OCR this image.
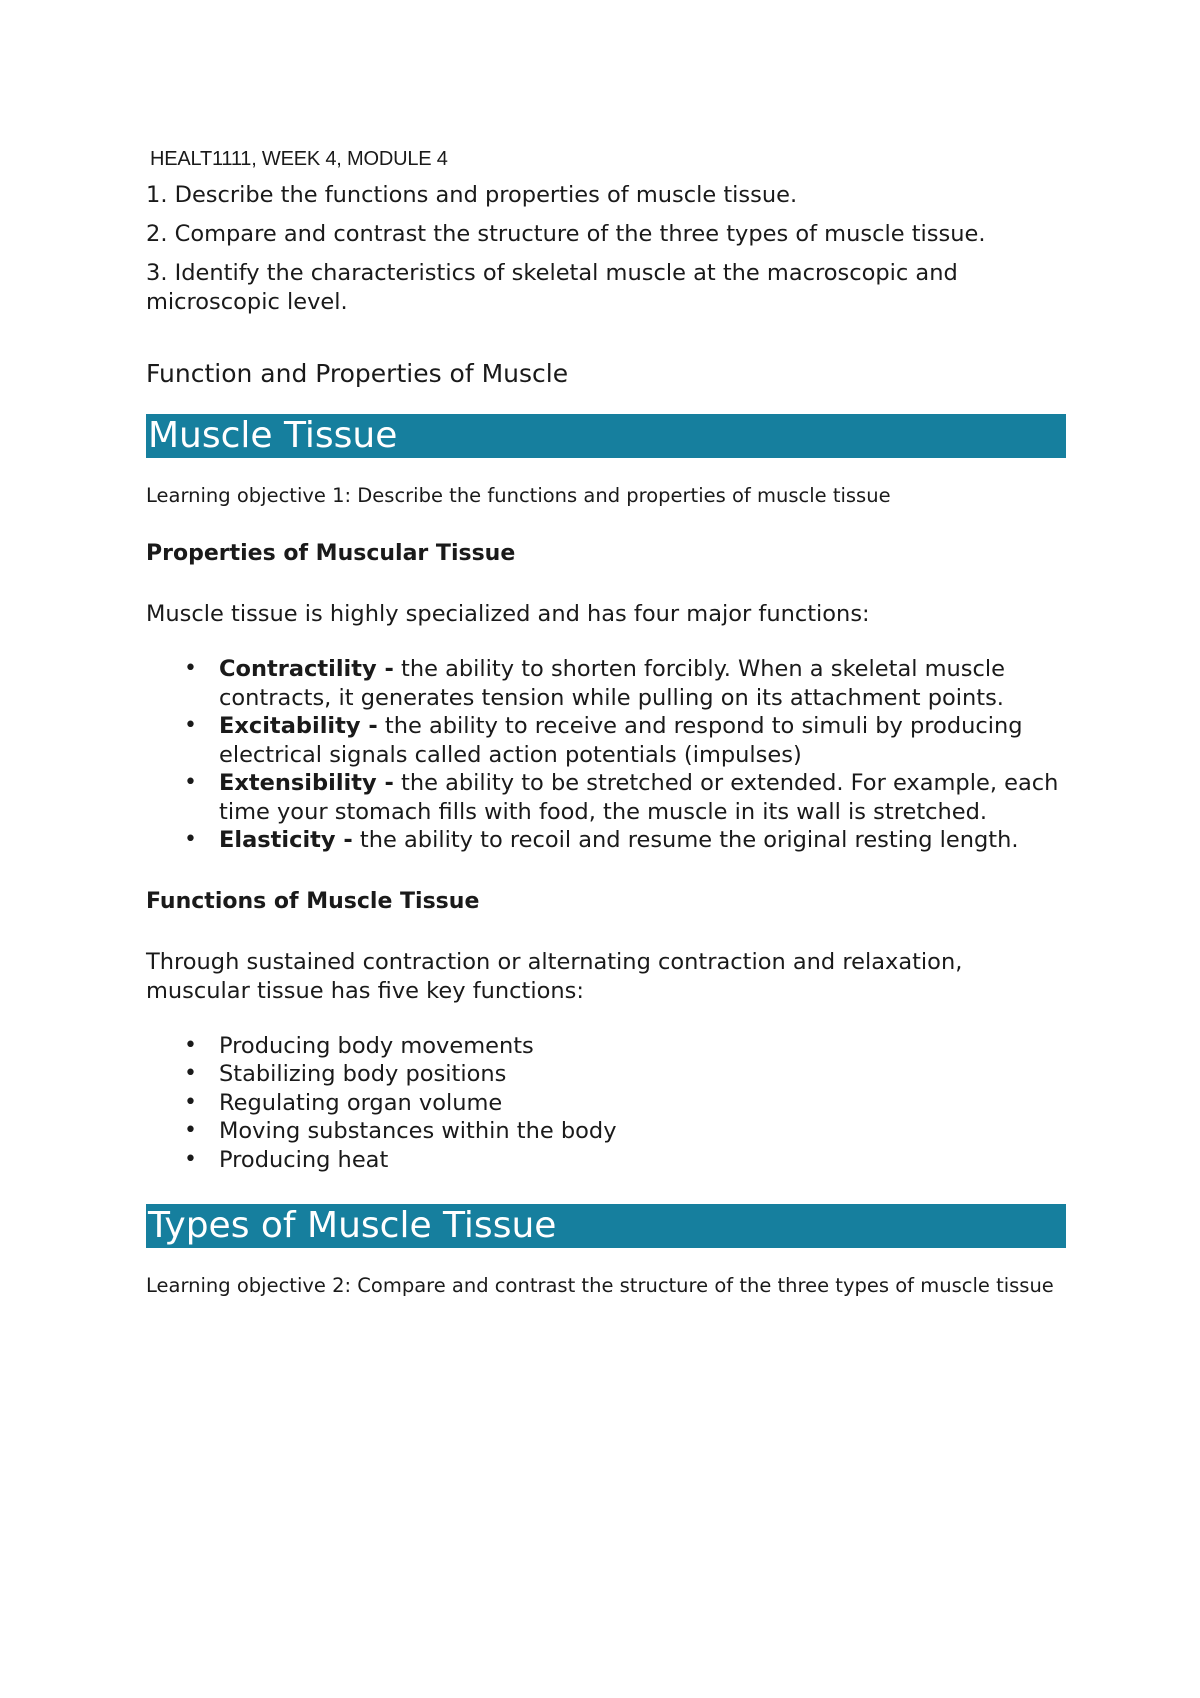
HEALT1111, WEEK 4, MODULE 4
1. Describe the functions and properties of muscle tissue.
2. Compare and contrast the structure of the three types of muscle tissue.
3. Identify the characteristics of skeletal muscle at the macroscopic and microscopic level.
Function and Properties of Muscle
Muscle Tissue

Learning objective 1: Describe the functions and properties of muscle tissue

Properties of Muscular Tissue

Muscle tissue is highly specialized and has four major functions:

• Contractility - the ability to shorten forcibly. When a skeletal muscle contracts, it generates tension while pulling on its attachment points.
• Excitability - the ability to receive and respond to simuli by producing electrical signals called action potentials (impulses)
• Extensibility - the ability to be stretched or extended. For example, each time your stomach fills with food, the muscle in its wall is stretched.
• Elasticity - the ability to recoil and resume the original resting length.
Functions of Muscle Tissue

Through sustained contraction or alternating contraction and relaxation, muscular tissue has five key functions:

• Producing body movements
• Stabilizing body positions
• Regulating organ volume
• Moving substances within the body
• Producing heat
Types of Muscle Tissue

Learning objective 2: Compare and contrast the structure of the three types of muscle tissue
